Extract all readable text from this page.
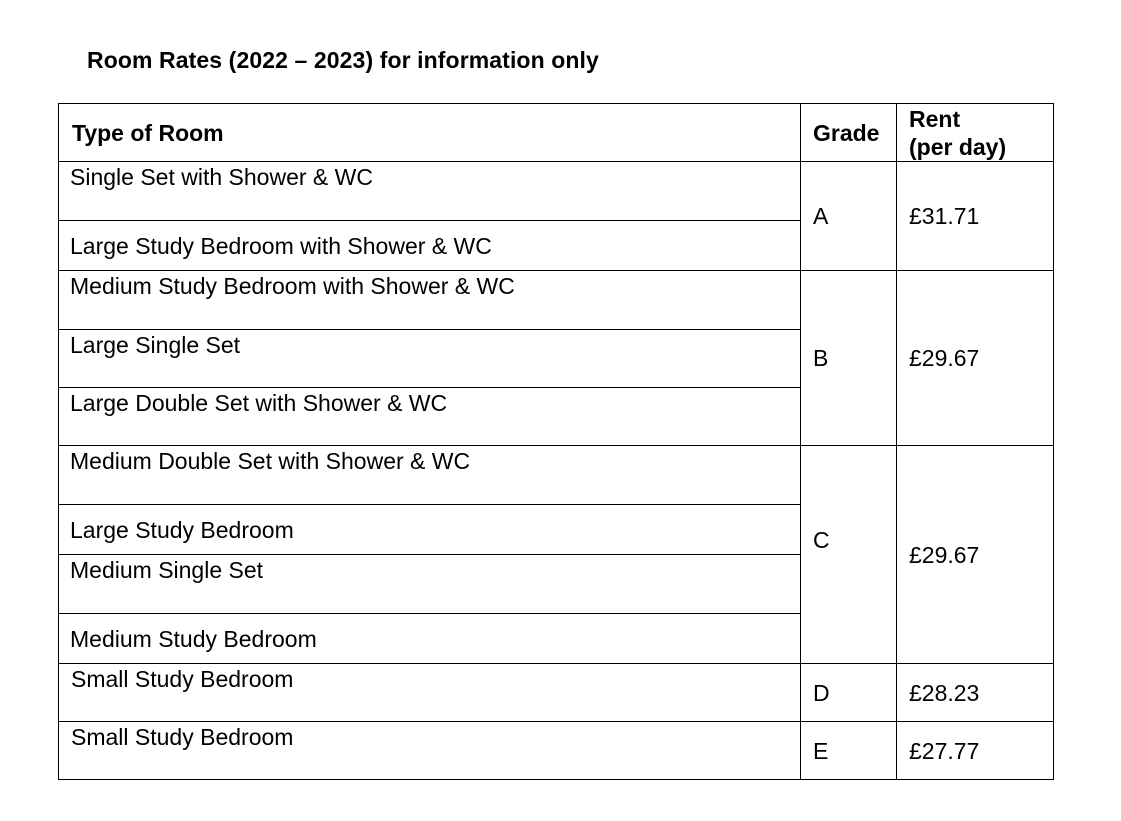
Room Rates (2022 – 2023) for information only
Type of Room	Grade
Rent
(per day)
Single Set with Shower & WC
Large Study Bedroom with Shower & WC
Medium Study Bedroom with Shower & WC
Large Single Set
Large Double Set with Shower & WC
Medium Double Set with Shower & WC
Large Study Bedroom
Medium Single Set
Medium Study Bedroom
Small Study Bedroom
Small Study Bedroom
A
B
C
D
E
£31.71
£29.67
£29.67
£28.23
£27.77
